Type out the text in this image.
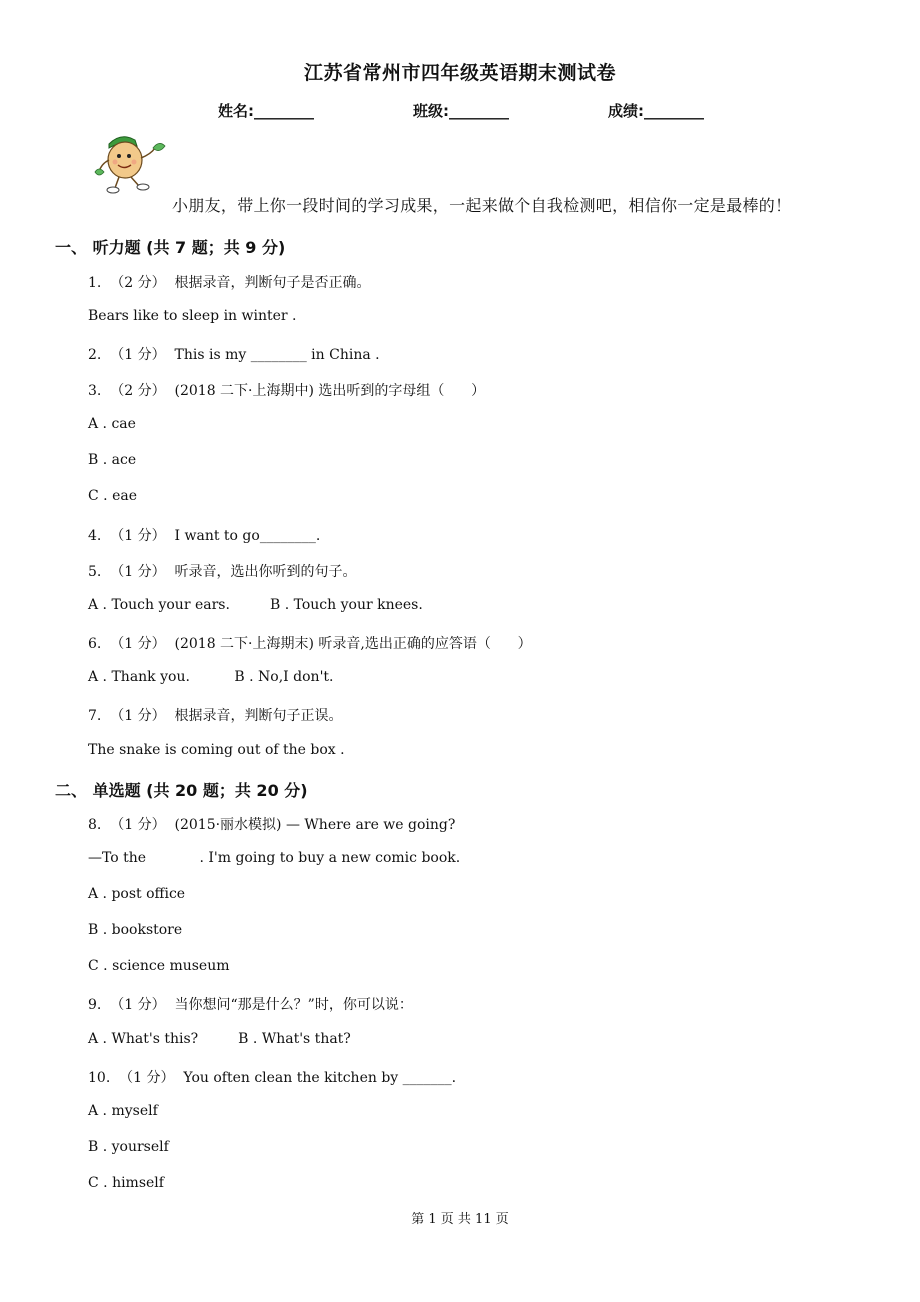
江苏省常州市四年级英语期末测试卷
姓名:________	班级:________	成绩:________
小朋友，带上你一段时间的学习成果，一起来做个自我检测吧，相信你一定是最棒的！
一、 听力题 (共 7 题；共 9 分)
1.  （2 分）  根据录音，判断句子是否正确。
Bears like to sleep in winter .
2.  （1 分）  This is my ________ in China .
3.  （2 分）  (2018 二下·上海期中) 选出听到的字母组（      ）
A . cae
B . ace
C . eae
4.  （1 分）  I want to go________.
5.  （1 分）  听录音，选出你听到的句子。
A . Touch your ears.         B . Touch your knees.
6.  （1 分）  (2018 二下·上海期末) 听录音,选出正确的应答语（      ）
A . Thank you.          B . No,I don't.
7.  （1 分）  根据录音，判断句子正误。
The snake is coming out of the box .
二、 单选题 (共 20 题；共 20 分)
8.  （1 分）  (2015·丽水模拟) — Where are we going?
—To the            . I'm going to buy a new comic book.
A . post office
B . bookstore
C . science museum
9.  （1 分）  当你想问“那是什么？”时，你可以说：
A . What's this?         B . What's that?
10.  （1 分）  You often clean the kitchen by _______.
A . myself
B . yourself
C . himself
第 1 页 共 11 页
